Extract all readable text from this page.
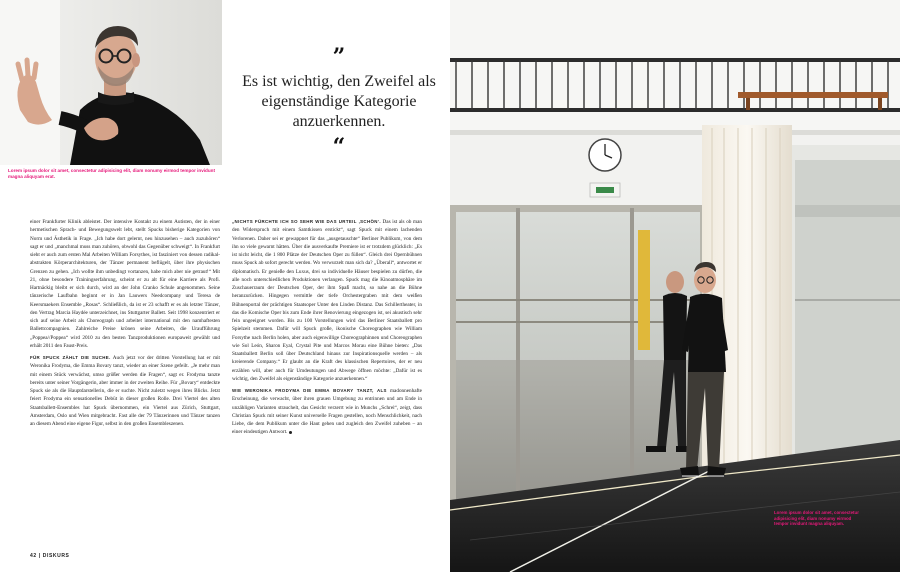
Lorem ipsum dolor sit amet, consectetur adipisicing elit, diam nonumy eirmod tempor invidunt magna aliquyam erat.
”
Es ist wichtig, den Zweifel als eigenständige Kategorie anzuerkennen.
“

einer Frankfurter Klinik ableistet. Der intensive Kontakt zu einem Autisten, der in einer hermetischen Sprach- und Bewegungswelt lebt, stellt Spucks bisherige Kategorien von Norm und Ästhetik in Frage. „Ich habe dort gelernt, neu hinzusehen – auch zuzuhören“ sagt er und „manchmal muss man zuhören, obwohl das Gegenüber schweigt“. In Frankfurt sieht er auch zum ersten Mal Arbeiten William Forsythes, ist fasziniert von dessen radikal-abstrakten Körperarchitekturen, der Tänzer permanent beflügelt, über ihre physischen Grenzen zu gehen. „Ich wollte ihm unbedingt vortanzen, habe mich aber nie getraut!“ Mit 21, ohne besondere Trainingserfahrung, scheint er zu alt für eine Karriere als Profi. Hartnäckig bleibt er sich durch, wird an der John Cranko Schule angenommen. Seine tänzerische Laufbahn beginnt er in Jan Lauwers Needcompany und Teresa de Keersmaekers Ensemble „Rosas“. Schließlich, da ist er 23 schafft er es als letzter Tänzer, den Vertrag Marcia Haydée unterzeichnet, ins Stuttgarter Ballett. Seit 1998 konzentriert er sich auf seine Arbeit als Choreograph und arbeitet international mit den namhaftesten Ballettcompagnien. Zahlreiche Preise krönen seine Arbeiten, die Uraufführung „Poppea//Poppea“ wird 2010 zu den besten Tanzproduktionen europaweit gewählt und erhält 2011 den Faust-Preis.

FÜR SPUCK ZÄHLT DIE SUCHE. Auch jetzt vor der dritten Vorstellung hat er mit Weronika Frodyma, die Emma Bovary tanzt, wieder an einer Szene gefeilt. „Je mehr man mit einem Stück verwächst, umso größer werden die Fragen“, sagt er. Frodyma tanzte bereits unter seiner Vorgängerin, aber immer in der zweiten Reihe. Für „Bovary“ entdeckte Spuck sie als die Hauptdarstellerin, die er suchte. Nicht zuletzt wegen ihres Blicks. Jetzt feiert Frodyma ein sensationelles Debüt in dieser großen Rolle. Drei Viertel des alten Staatsballett-Ensembles hat Spuck übernommen, ein Viertel aus Zürich, Stuttgart, Amsterdam, Oslo und Wien mitgebracht. Fast alle der 79 Tänzerinnen und Tänzer tanzen an diesem Abend eine eigene Figur, selbst in den großen Ensembleszenen.

„NICHTS FÜRCHTE ICH SO SEHR WIE DAS URTEIL ‚SCHÖN‘. Das ist als ob man den Widerspruch mit einem Samtkissen erstickt“, sagt Spuck mit einem lachenden Verlorenen. Daher sei er gewappnet für das „ausgetauschte“ Berliner Publikum, von dem ihn so viele gewarnt hätten. Über die ausverkaufte Premiere ist er trotzdem glücklich: „Es ist nicht leicht, die 1 800 Plätze der Deutschen Oper zu füllen“. Gleich drei Opernbühnen muss Spuck ab sofort gerecht werden. Wo verwurzelt man sich da? „Überall“, antwortet er diplomatisch. Er genieße den Luxus, drei so individuelle Häuser bespielen zu dürfen, die alle noch unterschiedlichen Produktionen verlangen. Spuck mag die Kinoatmosphäre im Zuschauerraum der Deutschen Oper, der ihm Spaß macht, so nahe an die Bühne heranzurücken. Hingegen vermittle der tiefe Orchestergraben mit dem weißen Bühnenportal der prächtigen Staatsoper Unter den Linden Distanz. Das Schillertheater, in das die Komische Oper bis zum Ende ihrer Renovierung eingezogen ist, sei akustisch sehr fein ungeeignet worden. Bis zu 100 Vorstellungen wird das Berliner Staatsballett pro Spielzeit stemmen. Dafür will Spuck große, ikonische Choreographen wie William Forsythe nach Berlin holen, aber auch eigenwillige Choreographinnen und Choreographen wie Sol León, Sharon Eyal, Crystal Pite und Marcos Morau eine Bühne bieten: „Das Staatsballett Berlin soll über Deutschland hinaus zur Inspirationsquelle werden – als kreierende Company.“ Er glaubt an die Kraft des klassischen Repertoires, der er neu erzählen will, aber auch für Umdeutungen und Abwege öffnen möchte: „Dafür ist es wichtig, den Zweifel als eigenständige Kategorie anzuerkennen.“

WIE WERONIKA FRODYMA DIE EMMA BOVARY TANZT, ALS madonnenhafte Erscheinung, die verwacht, über ihren grauen Umgebung zu entrinnen und am Ende in unzähligen Varianten strauchelt, das Gesicht verzerrt wie in Munchs „Schrei“, zeigt, dass Christian Spuck mit seiner Kunst universelle Fragen gestellen, noch Menschlichkeit, nach Liebe, die dem Publikum unter die Haut gehen und zugleich den Zweifel zuheben – an einer eindeutigen Antwort.

42 | DISKURS
Lorem ipsum dolor sit amet, consectetur adipisicing elit, diam nonumy eirmod tempor invidunt magna aliquyam.
